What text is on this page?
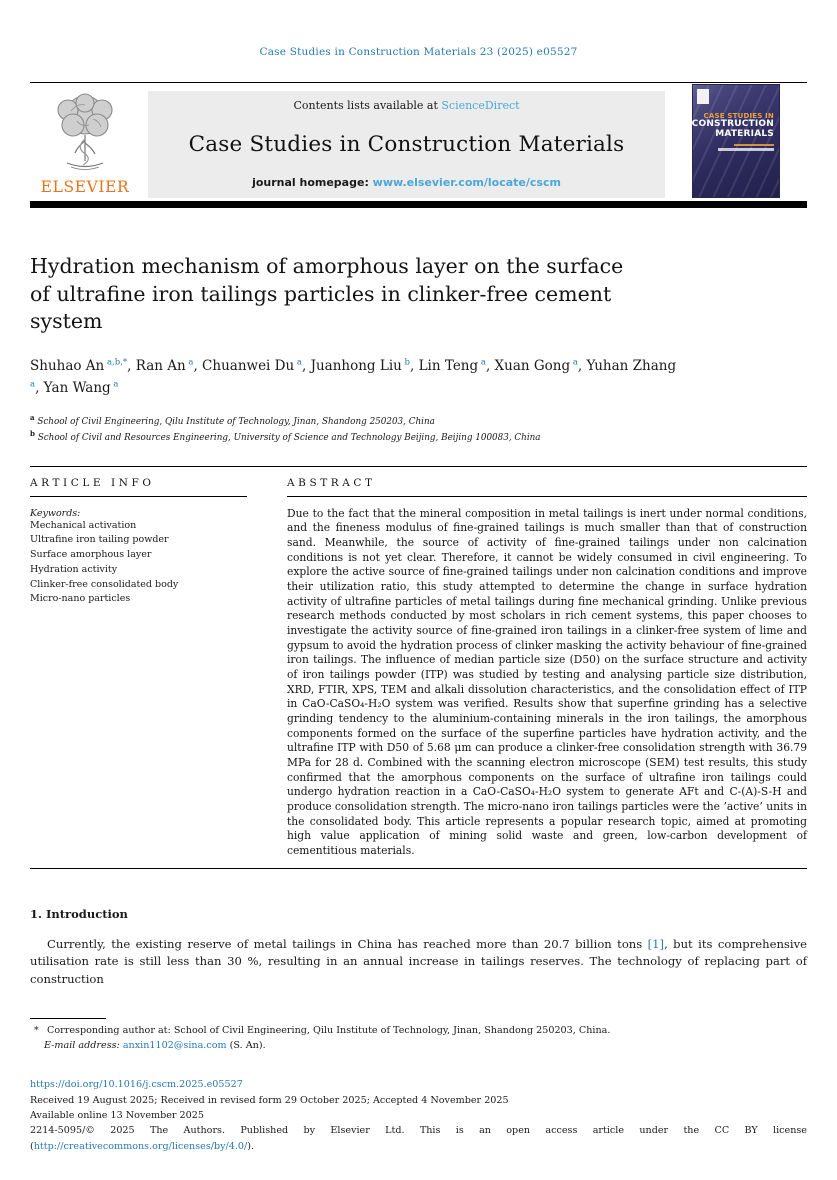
Case Studies in Construction Materials 23 (2025) e05527
ELSEVIER
Contents lists available at ScienceDirect
Case Studies in Construction Materials
journal homepage: www.elsevier.com/locate/cscm
CASE STUDIES IN
CONSTRUCTION
MATERIALS
Hydration mechanism of amorphous layer on the surface of ultrafine iron tailings particles in clinker-free cement system
Shuhao An  $^{a,b,*}$, Ran An  $^a$, Chuanwei Du  $^a$, Juanhong Liu  $^b$, Lin Teng  $^a$, Xuan Gong  $^a$, Yuhan Zhang $^a$, Yan Wang  $^a$
$^a$ School of Civil Engineering, Qilu Institute of Technology, Jinan, Shandong 250203, China
$^b$ School of Civil and Resources Engineering, University of Science and Technology Beijing, Beijing 100083, China
ARTICLE INFO
Keywords:
Mechanical activation
Ultrafine iron tailing powder
Surface amorphous layer
Hydration activity
Clinker-free consolidated body
Micro-nano particles
ABSTRACT
Due to the fact that the mineral composition in metal tailings is inert under normal conditions, and the fineness modulus of fine-grained tailings is much smaller than that of construction sand. Meanwhile, the source of activity of fine-grained tailings under non calcination conditions is not yet clear. Therefore, it cannot be widely consumed in civil engineering. To explore the active source of fine-grained tailings under non calcination conditions and improve their utilization ratio, this study attempted to determine the change in surface hydration activity of ultrafine particles of metal tailings during fine mechanical grinding. Unlike previous research methods conducted by most scholars in rich cement systems, this paper chooses to investigate the activity source of fine-grained iron tailings in a clinker-free system of lime and gypsum to avoid the hydration process of clinker masking the activity behaviour of fine-grained iron tailings. The influence of median particle size (D50) on the surface structure and activity of iron tailings powder (ITP) was studied by testing and analysing particle size distribution, XRD, FTIR, XPS, TEM and alkali dissolution characteristics, and the consolidation effect of ITP in CaO-CaSO₄-H₂O system was verified. Results show that superfine grinding has a selective grinding tendency to the aluminium-containing minerals in the iron tailings, the amorphous components formed on the surface of the superfine particles have hydration activity, and the ultrafine ITP with D50 of 5.68 μm can produce a clinker-free consolidation strength with 36.79 MPa for 28 d. Combined with the scanning electron microscope (SEM) test results, this study confirmed that the amorphous components on the surface of ultrafine iron tailings could undergo hydration reaction in a CaO-CaSO₄-H₂O system to generate AFt and C-(A)-S-H and produce consolidation strength. The micro-nano iron tailings particles were the ’active’ units in the consolidated body. This article represents a popular research topic, aimed at promoting high value application of mining solid waste and green, low-carbon development of cementitious materials.
1. Introduction
Currently, the existing reserve of metal tailings in China has reached more than 20.7 billion tons [1], but its comprehensive utilisation rate is still less than 30 %, resulting in an annual increase in tailings reserves. The technology of replacing part of construction
* Corresponding author at: School of Civil Engineering, Qilu Institute of Technology, Jinan, Shandong 250203, China.
E-mail address: anxin1102@sina.com (S. An).
https://doi.org/10.1016/j.cscm.2025.e05527
Received 19 August 2025; Received in revised form 29 October 2025; Accepted 4 November 2025
Available online 13 November 2025
2214-5095/© 2025 The Authors. Published by Elsevier Ltd. This is an open access article under the CC BY license
(http://creativecommons.org/licenses/by/4.0/).
